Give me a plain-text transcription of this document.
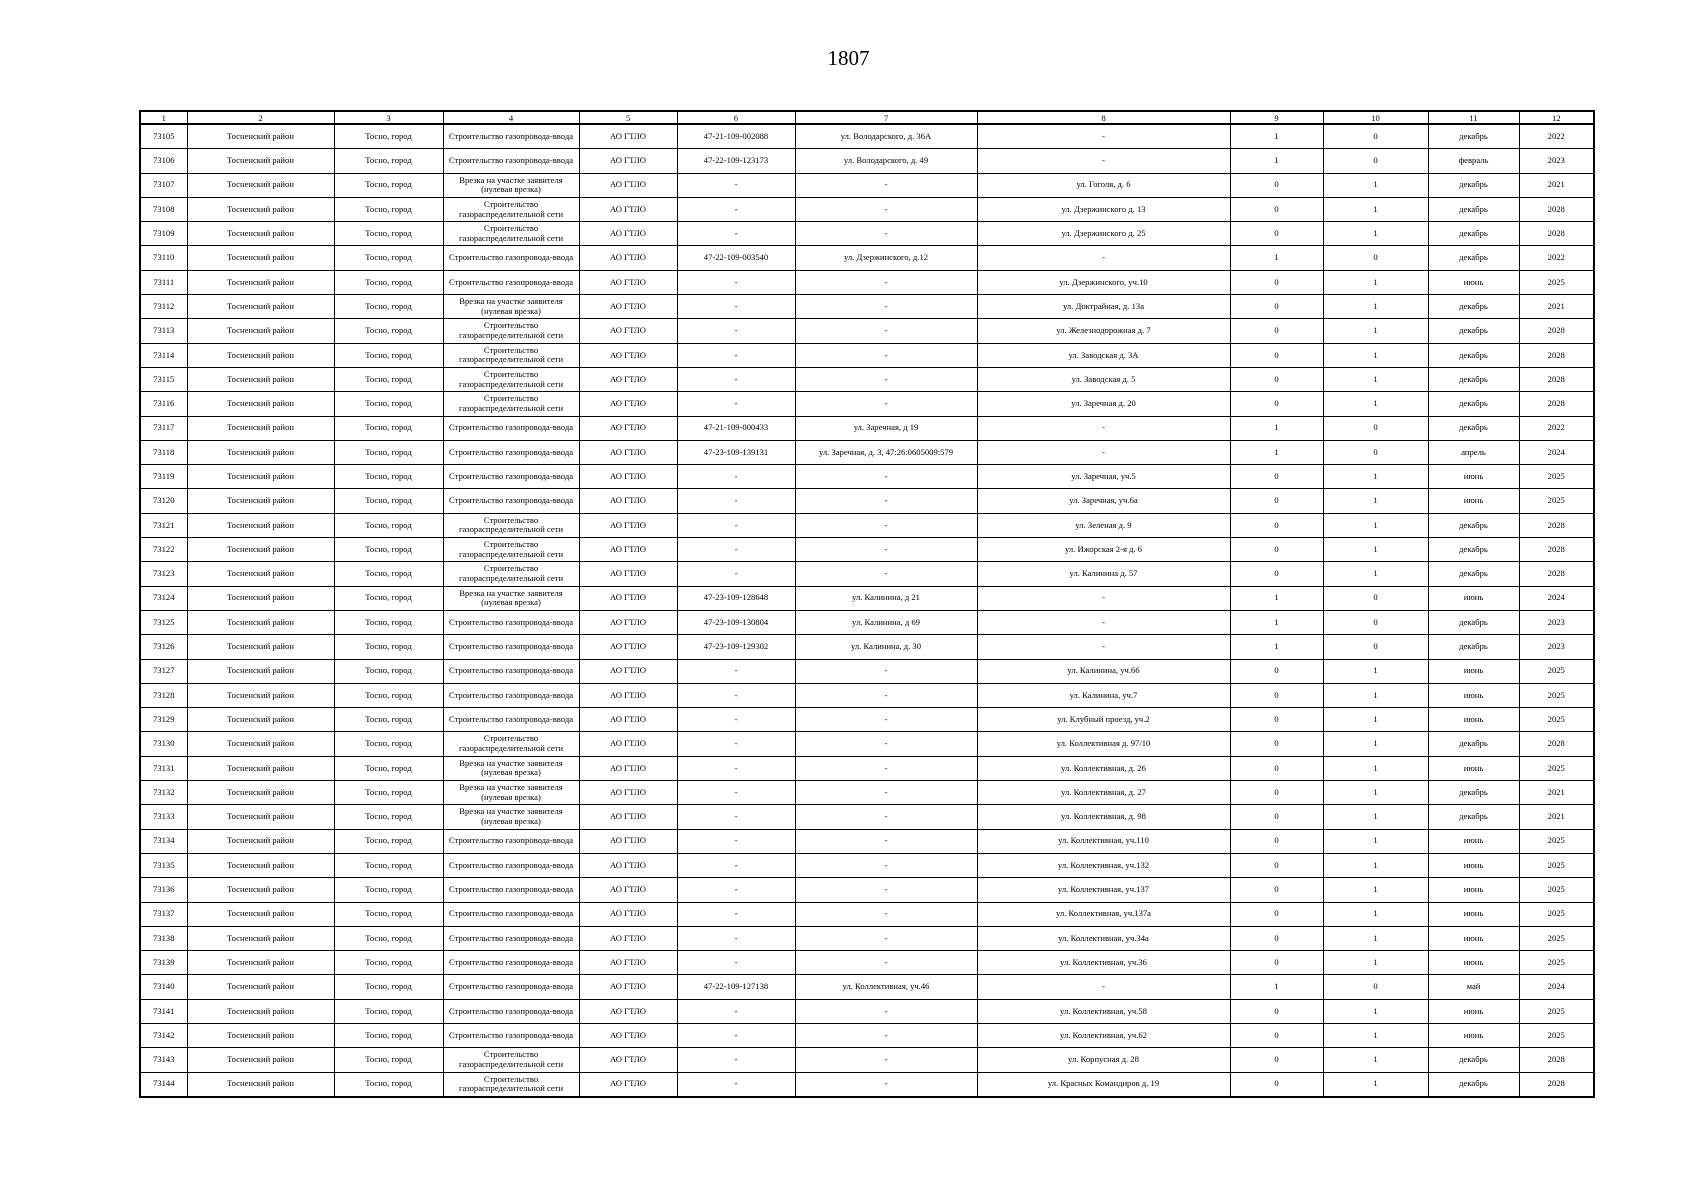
1807
1	2	3	4	5	6	7	8	9	10	11	12
73105	Тосненский район	Тосно, город	Строительство газопровода-ввода	АО ГТЛО	47-21-109-002088	ул. Володарского, д. 36А	-	1	0	декабрь	2022
73106	Тосненский район	Тосно, город	Строительство газопровода-ввода	АО ГТЛО	47-22-109-123173	ул. Володарского, д. 49	-	1	0	февраль	2023
73107	Тосненский район	Тосно, город	Врезка на участке заявителя (нулевая врезка)	АО ГТЛО	-	-	ул. Гоголя, д. 6	0	1	декабрь	2021
73108	Тосненский район	Тосно, город	Строительство газораспределительной сети	АО ГТЛО	-	-	ул. Дзержинского д. 13	0	1	декабрь	2028
73109	Тосненский район	Тосно, город	Строительство газораспределительной сети	АО ГТЛО	-	-	ул. Дзержинского д. 25	0	1	декабрь	2028
73110	Тосненский район	Тосно, город	Строительство газопровода-ввода	АО ГТЛО	47-22-109-003540	ул. Дзержинского, д.12	-	1	0	декабрь	2022
73111	Тосненский район	Тосно, город	Строительство газопровода-ввода	АО ГТЛО	-	-	ул. Дзержинского, уч.10	0	1	июнь	2025
73112	Тосненский район	Тосно, город	Врезка на участке заявителя (нулевая врезка)	АО ГТЛО	-	-	ул. Доктрайная, д. 13а	0	1	декабрь	2021
73113	Тосненский район	Тосно, город	Строительство газораспределительной сети	АО ГТЛО	-	-	ул. Железнодорожная д. 7	0	1	декабрь	2028
73114	Тосненский район	Тосно, город	Строительство газораспределительной сети	АО ГТЛО	-	-	ул. Заводская д. 3А	0	1	декабрь	2028
73115	Тосненский район	Тосно, город	Строительство газораспределительной сети	АО ГТЛО	-	-	ул. Заводская д. 5	0	1	декабрь	2028
73116	Тосненский район	Тосно, город	Строительство газораспределительной сети	АО ГТЛО	-	-	ул. Заречная д. 20	0	1	декабрь	2028
73117	Тосненский район	Тосно, город	Строительство газопровода-ввода	АО ГТЛО	47-21-109-000433	ул. Заречная, д 19	-	1	0	декабрь	2022
73118	Тосненский район	Тосно, город	Строительство газопровода-ввода	АО ГТЛО	47-23-109-139131	ул. Заречная, д. 3, 47:26:0605009:579	-	1	0	апрель	2024
73119	Тосненский район	Тосно, город	Строительство газопровода-ввода	АО ГТЛО	-	-	ул. Заречная, уч.5	0	1	июнь	2025
73120	Тосненский район	Тосно, город	Строительство газопровода-ввода	АО ГТЛО	-	-	ул. Заречная, уч.6а	0	1	июнь	2025
73121	Тосненский район	Тосно, город	Строительство газораспределительной сети	АО ГТЛО	-	-	ул. Зеленая д. 9	0	1	декабрь	2028
73122	Тосненский район	Тосно, город	Строительство газораспределительной сети	АО ГТЛО	-	-	ул. Ижорская 2-я д. 6	0	1	декабрь	2028
73123	Тосненский район	Тосно, город	Строительство газораспределительной сети	АО ГТЛО	-	-	ул. Калинина д. 57	0	1	декабрь	2028
73124	Тосненский район	Тосно, город	Врезка на участке заявителя (нулевая врезка)	АО ГТЛО	47-23-109-128648	ул. Калинина, д 21	-	1	0	июнь	2024
73125	Тосненский район	Тосно, город	Строительство газопровода-ввода	АО ГТЛО	47-23-109-130804	ул. Калинина, д 69	-	1	0	декабрь	2023
73126	Тосненский район	Тосно, город	Строительство газопровода-ввода	АО ГТЛО	47-23-109-129302	ул. Калинина, д. 30	-	1	0	декабрь	2023
73127	Тосненский район	Тосно, город	Строительство газопровода-ввода	АО ГТЛО	-	-	ул. Калинина, уч.66	0	1	июнь	2025
73128	Тосненский район	Тосно, город	Строительство газопровода-ввода	АО ГТЛО	-	-	ул. Калинина, уч.7	0	1	июнь	2025
73129	Тосненский район	Тосно, город	Строительство газопровода-ввода	АО ГТЛО	-	-	ул. Клубный проезд, уч.2	0	1	июнь	2025
73130	Тосненский район	Тосно, город	Строительство газораспределительной сети	АО ГТЛО	-	-	ул. Коллективная д. 97/10	0	1	декабрь	2028
73131	Тосненский район	Тосно, город	Врезка на участке заявителя (нулевая врезка)	АО ГТЛО	-	-	ул. Коллективная, д. 26	0	1	июнь	2025
73132	Тосненский район	Тосно, город	Врезка на участке заявителя (нулевая врезка)	АО ГТЛО	-	-	ул. Коллективная, д. 27	0	1	декабрь	2021
73133	Тосненский район	Тосно, город	Врезка на участке заявителя (нулевая врезка)	АО ГТЛО	-	-	ул. Коллективная, д. 98	0	1	декабрь	2021
73134	Тосненский район	Тосно, город	Строительство газопровода-ввода	АО ГТЛО	-	-	ул. Коллективная, уч.110	0	1	июнь	2025
73135	Тосненский район	Тосно, город	Строительство газопровода-ввода	АО ГТЛО	-	-	ул. Коллективная, уч.132	0	1	июнь	2025
73136	Тосненский район	Тосно, город	Строительство газопровода-ввода	АО ГТЛО	-	-	ул. Коллективная, уч.137	0	1	июнь	2025
73137	Тосненский район	Тосно, город	Строительство газопровода-ввода	АО ГТЛО	-	-	ул. Коллективная, уч.137а	0	1	июнь	2025
73138	Тосненский район	Тосно, город	Строительство газопровода-ввода	АО ГТЛО	-	-	ул. Коллективная, уч.34а	0	1	июнь	2025
73139	Тосненский район	Тосно, город	Строительство газопровода-ввода	АО ГТЛО	-	-	ул. Коллективная, уч.36	0	1	июнь	2025
73140	Тосненский район	Тосно, город	Строительство газопровода-ввода	АО ГТЛО	47-22-109-127138	ул. Коллективная, уч.46	-	1	0	май	2024
73141	Тосненский район	Тосно, город	Строительство газопровода-ввода	АО ГТЛО	-	-	ул. Коллективная, уч.58	0	1	июнь	2025
73142	Тосненский район	Тосно, город	Строительство газопровода-ввода	АО ГТЛО	-	-	ул. Коллективная, уч.62	0	1	июнь	2025
73143	Тосненский район	Тосно, город	Строительство газораспределительной сети	АО ГТЛО	-	-	ул. Корпусная д. 28	0	1	декабрь	2028
73144	Тосненский район	Тосно, город	Строительство газораспределительной сети	АО ГТЛО	-	-	ул. Красных Командиров д. 19	0	1	декабрь	2028
